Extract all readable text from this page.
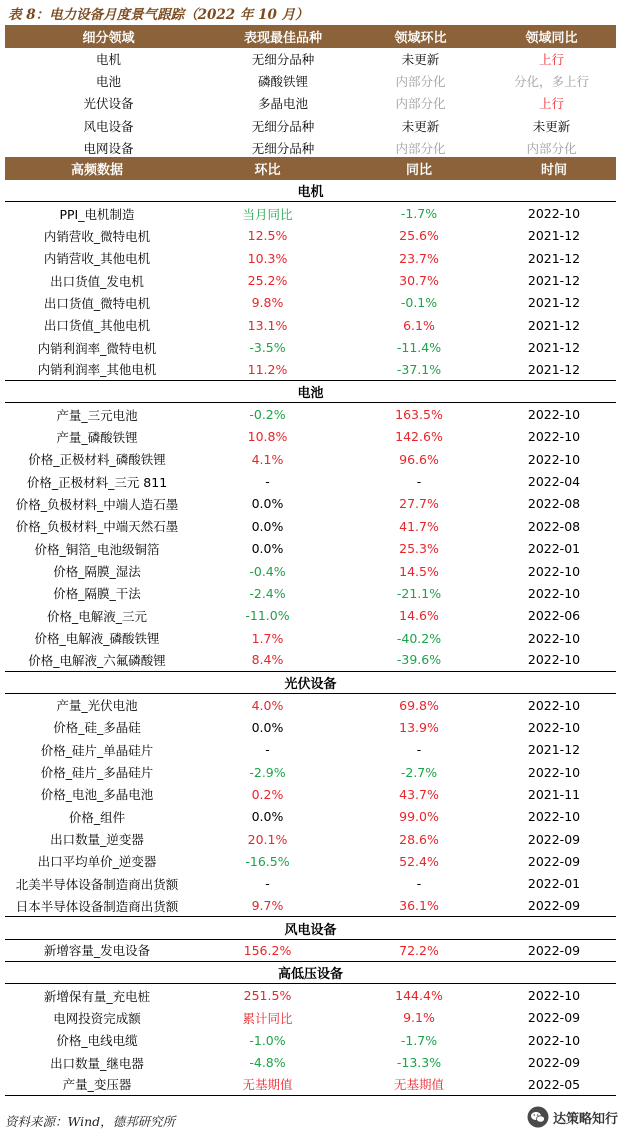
表 8：电力设备月度景气跟踪（2022 年 10 月）
细分领域	表现最佳品种	领域环比	领域同比
电机	无细分品种	未更新	上行
电池	磷酸铁锂	内部分化	分化，多上行
光伏设备	多晶电池	内部分化	上行
风电设备	无细分品种	未更新	未更新
电网设备	无细分品种	内部分化	内部分化
高频数据	环比	同比	时间
电机
PPI_电机制造	当月同比	-1.7%	2022-10
内销营收_微特电机	12.5%	25.6%	2021-12
内销营收_其他电机	10.3%	23.7%	2021-12
出口货值_发电机	25.2%	30.7%	2021-12
出口货值_微特电机	9.8%	-0.1%	2021-12
出口货值_其他电机	13.1%	6.1%	2021-12
内销利润率_微特电机	-3.5%	-11.4%	2021-12
内销利润率_其他电机	11.2%	-37.1%	2021-12
电池
产量_三元电池	-0.2%	163.5%	2022-10
产量_磷酸铁锂	10.8%	142.6%	2022-10
价格_正极材料_磷酸铁锂	4.1%	96.6%	2022-10
价格_正极材料_三元 811	-	-	2022-04
价格_负极材料_中端人造石墨	0.0%	27.7%	2022-08
价格_负极材料_中端天然石墨	0.0%	41.7%	2022-08
价格_铜箔_电池级铜箔	0.0%	25.3%	2022-01
价格_隔膜_湿法	-0.4%	14.5%	2022-10
价格_隔膜_干法	-2.4%	-21.1%	2022-10
价格_电解液_三元	-11.0%	14.6%	2022-06
价格_电解液_磷酸铁锂	1.7%	-40.2%	2022-10
价格_电解液_六氟磷酸锂	8.4%	-39.6%	2022-10
光伏设备
产量_光伏电池	4.0%	69.8%	2022-10
价格_硅_多晶硅	0.0%	13.9%	2022-10
价格_硅片_单晶硅片	-	-	2021-12
价格_硅片_多晶硅片	-2.9%	-2.7%	2022-10
价格_电池_多晶电池	0.2%	43.7%	2021-11
价格_组件	0.0%	99.0%	2022-10
出口数量_逆变器	20.1%	28.6%	2022-09
出口平均单价_逆变器	-16.5%	52.4%	2022-09
北美半导体设备制造商出货额	-	-	2022-01
日本半导体设备制造商出货额	9.7%	36.1%	2022-09
风电设备
新增容量_发电设备	156.2%	72.2%	2022-09
高低压设备
新增保有量_充电桩	251.5%	144.4%	2022-10
电网投资完成额	累计同比	9.1%	2022-09
价格_电线电缆	-1.0%	-1.7%	2022-10
出口数量_继电器	-4.8%	-13.3%	2022-09
产量_变压器	无基期值	无基期值	2022-05
资料来源：Wind，德邦研究所	达策略知行
